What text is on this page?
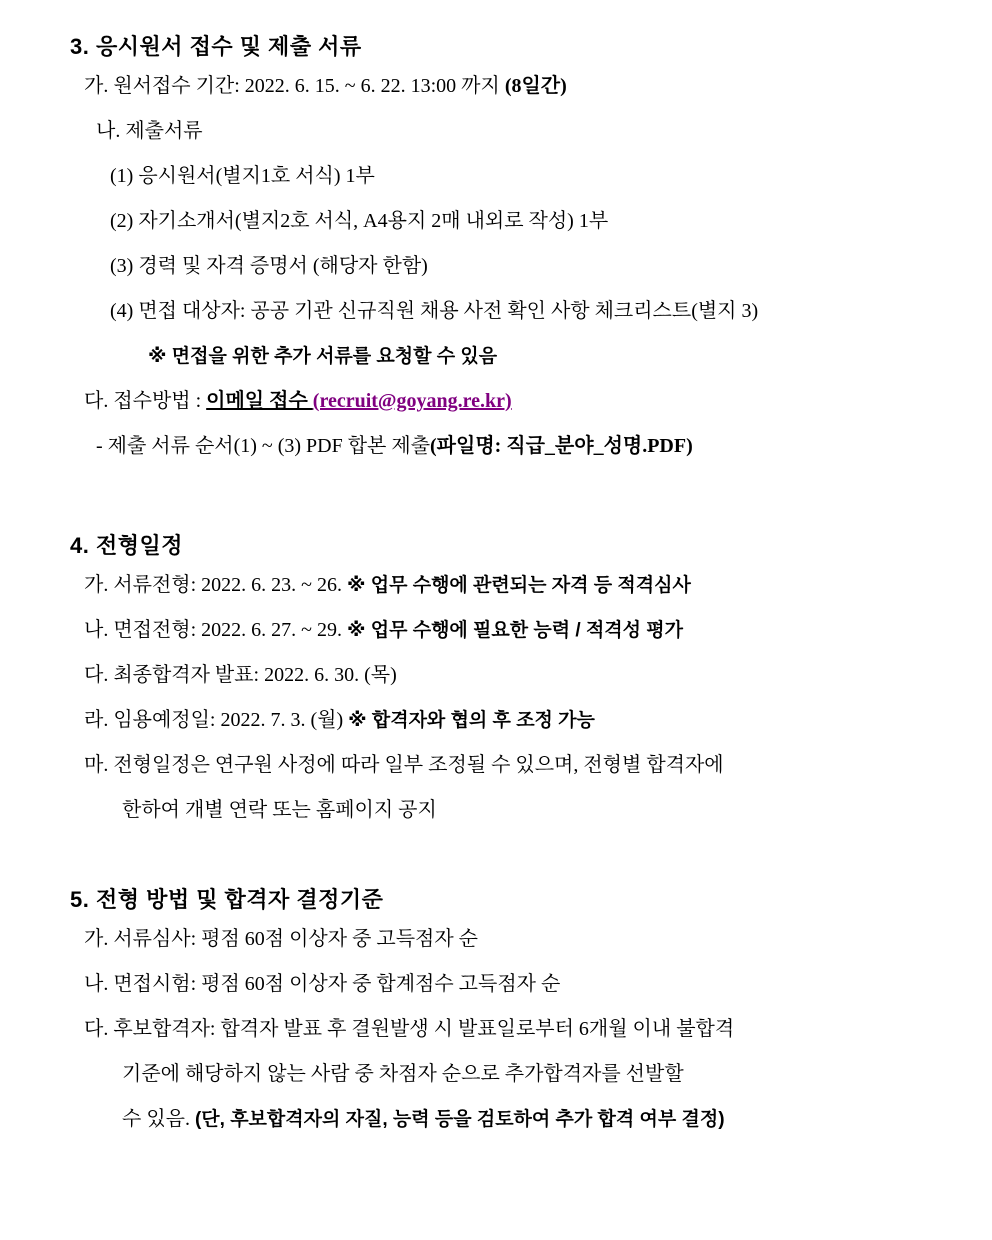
3. 응시원서 접수 및 제출 서류
가. 원서접수 기간: 2022. 6. 15. ~ 6. 22. 13:00 까지 (8일간)
나. 제출서류
(1) 응시원서(별지1호 서식) 1부
(2) 자기소개서(별지2호 서식, A4용지 2매 내외로 작성) 1부
(3) 경력 및 자격 증명서 (해당자 한함)
(4) 면접 대상자: 공공 기관 신규직원 채용 사전 확인 사항 체크리스트(별지 3)
※ 면접을 위한 추가 서류를 요청할 수 있음
다. 접수방법 : 이메일 접수 (recruit@goyang.re.kr)
- 제출 서류 순서(1) ~ (3) PDF 합본 제출(파일명: 직급_분야_성명.PDF)
4. 전형일정
가. 서류전형: 2022. 6. 23. ~ 26. ※ 업무 수행에 관련되는 자격 등 적격심사
나. 면접전형: 2022. 6. 27. ~ 29. ※ 업무 수행에 필요한 능력 / 적격성 평가
다. 최종합격자 발표: 2022. 6. 30. (목)
라. 임용예정일: 2022. 7. 3. (월) ※ 합격자와 협의 후 조정 가능
마. 전형일정은 연구원 사정에 따라 일부 조정될 수 있으며, 전형별 합격자에
한하여 개별 연락 또는 홈페이지 공지
5. 전형 방법 및 합격자 결정기준
가. 서류심사: 평점 60점 이상자 중 고득점자 순
나. 면접시험: 평점 60점 이상자 중 합계점수 고득점자 순
다. 후보합격자: 합격자 발표 후 결원발생 시 발표일로부터 6개월 이내 불합격
기준에 해당하지 않는 사람 중 차점자 순으로 추가합격자를 선발할
수 있음. (단, 후보합격자의 자질, 능력 등을 검토하여 추가 합격 여부 결정)
